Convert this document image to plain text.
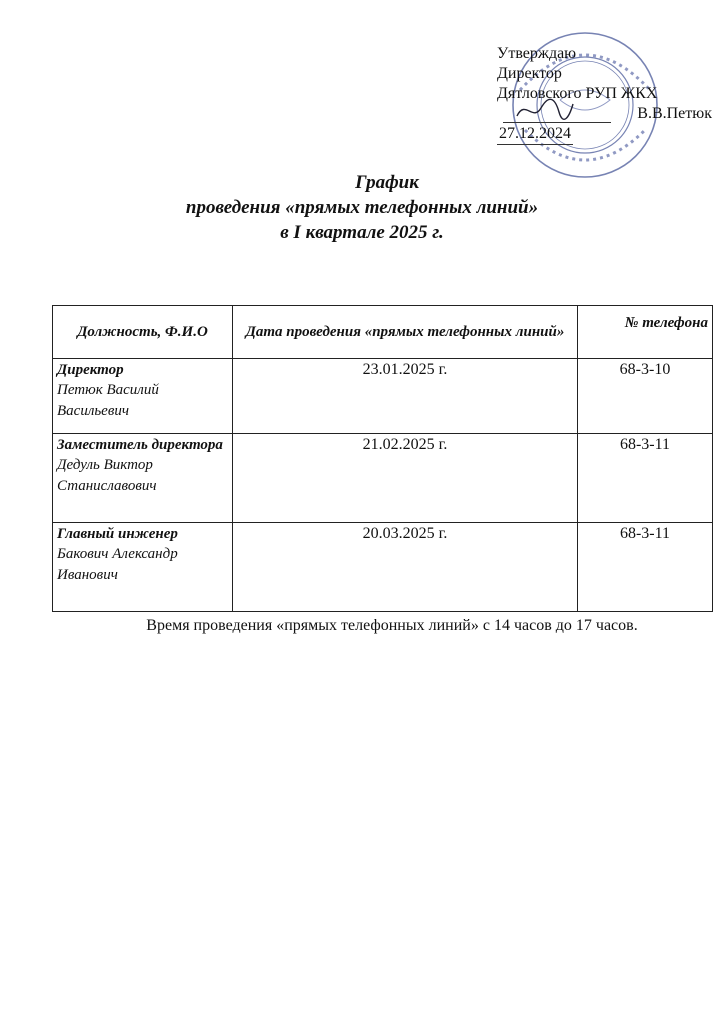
Утверждаю
Директор
Дятловского РУП ЖКХ
В.В.Петюк
27.12.2024
График
проведения «прямых телефонных линий»
в I квартале 2025 г.
Должность, Ф.И.О	Дата проведения «прямых телефонных линий»	№ телефона

Директор
Петюк Василий Васильевич	23.01.2025 г.	68-3-10

Заместитель директора
Дедуль Виктор Станиславович	21.02.2025 г.	68-3-11

Главный инженер
Бакович Александр Иванович	20.03.2025 г.	68-3-11
Время проведения «прямых телефонных линий» с 14 часов до 17 часов.
